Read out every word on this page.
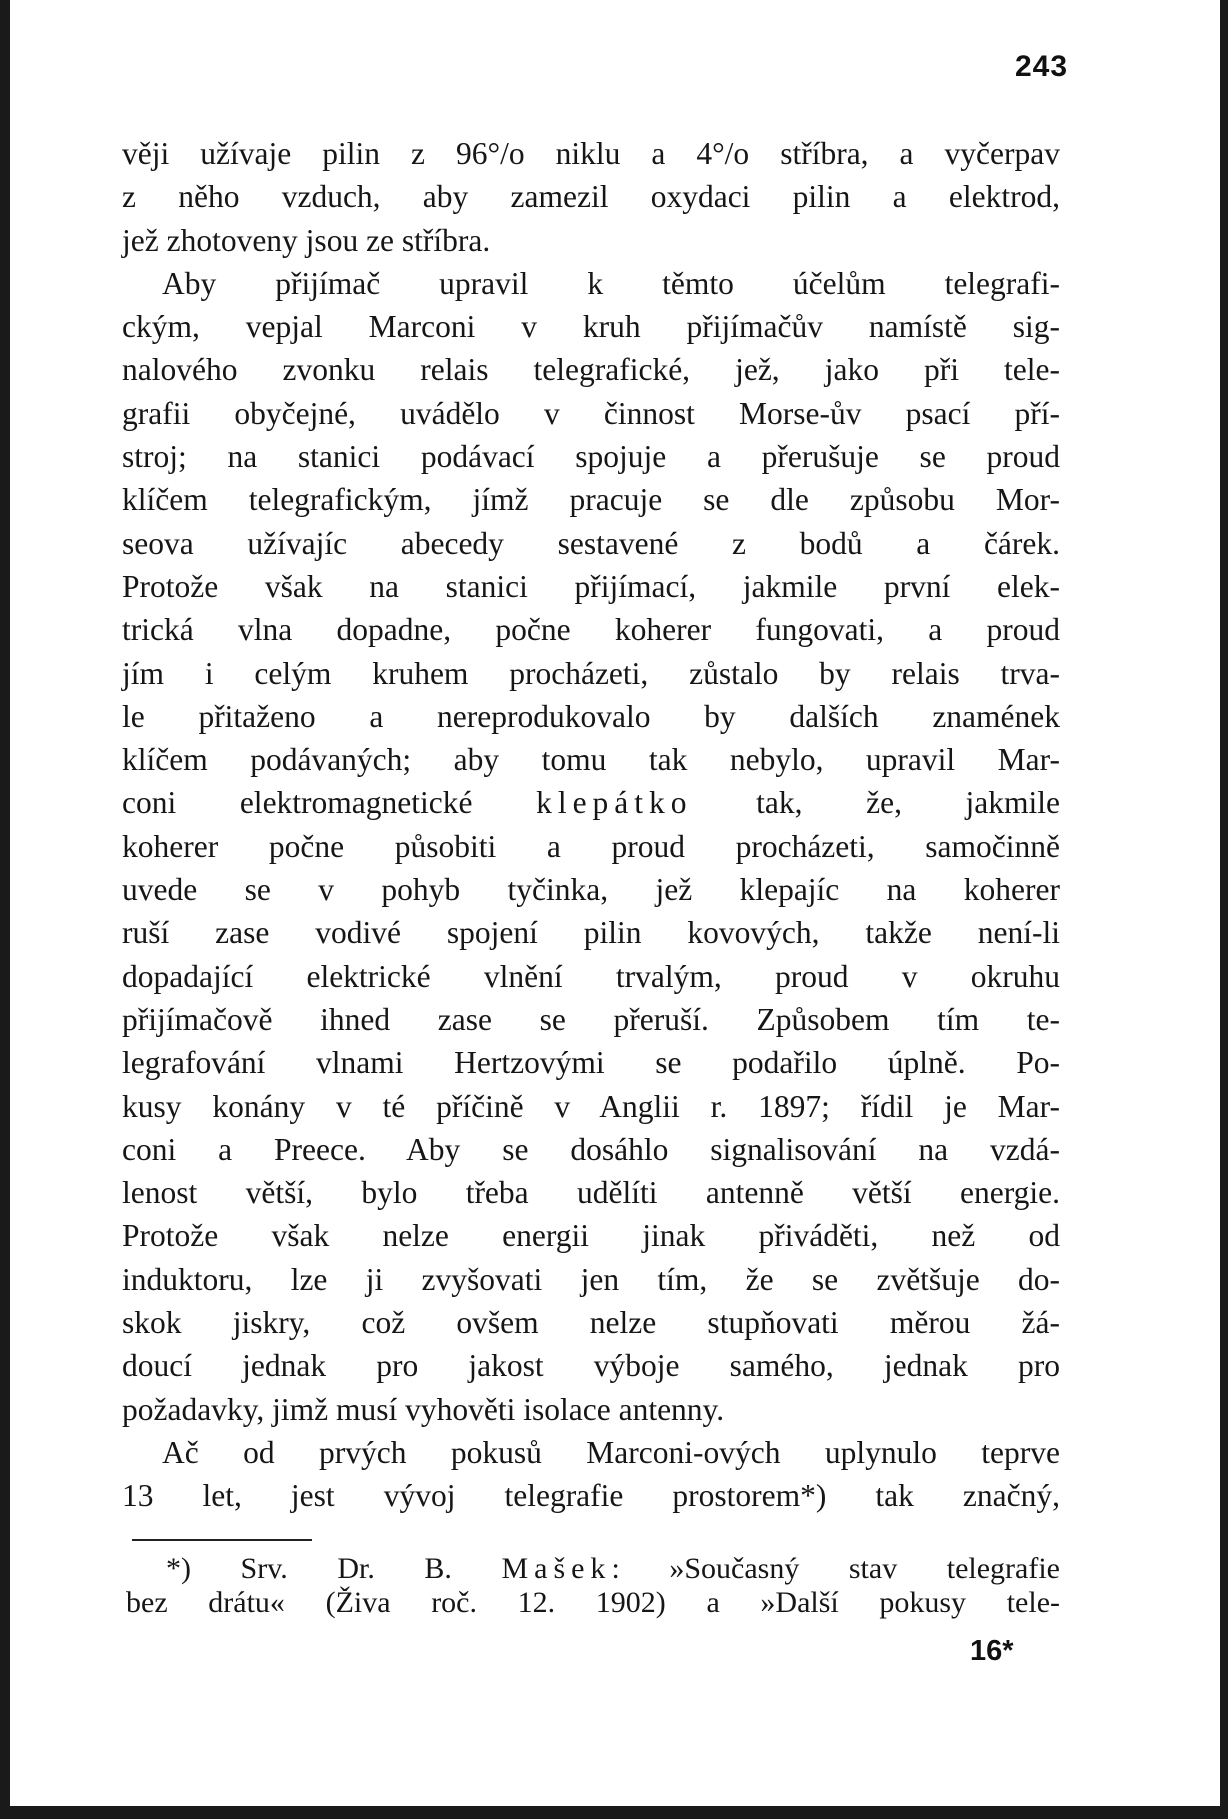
243
věji užívaje pilin z 96°/o niklu a 4°/o stříbra, a vyčerpav
z něho vzduch, aby zamezil oxydaci pilin a elektrod,
jež zhotoveny jsou ze stříbra.
Aby přijímač upravil k těmto účelům telegrafi-
ckým, vepjal Marconi v kruh přijímačův namístě sig-
nalového zvonku relais telegrafické, jež, jako při tele-
grafii obyčejné, uvádělo v činnost Morse-ův psací pří-
stroj; na stanici podávací spojuje a přerušuje se proud
klíčem telegrafickým, jímž pracuje se dle způsobu Mor-
seova užívajíc abecedy sestavené z bodů a čárek.
Protože však na stanici přijímací, jakmile první elek-
trická vlna dopadne, počne koherer fungovati, a proud
jím i celým kruhem procházeti, zůstalo by relais trva-
le přitaženo a nereprodukovalo by dalších znamének
klíčem podávaných; aby tomu tak nebylo, upravil Mar-
coni elektromagnetické klepátko tak, že, jakmile
koherer počne působiti a proud procházeti, samočinně
uvede se v pohyb tyčinka, jež klepajíc na koherer
ruší zase vodivé spojení pilin kovových, takže není-li
dopadající elektrické vlnění trvalým, proud v okruhu
přijímačově ihned zase se přeruší. Způsobem tím te-
legrafování vlnami Hertzovými se podařilo úplně. Po-
kusy konány v té příčině v Anglii r. 1897; řídil je Mar-
coni a Preece. Aby se dosáhlo signalisování na vzdá-
lenost větší, bylo třeba udělíti antenně větší energie.
Protože však nelze energii jinak přiváděti, než od
induktoru, lze ji zvyšovati jen tím, že se zvětšuje do-
skok jiskry, což ovšem nelze stupňovati měrou žá-
doucí jednak pro jakost výboje samého, jednak pro
požadavky, jimž musí vyhověti isolace antenny.
Ač od prvých pokusů Marconi-ových uplynulo teprve
13 let, jest vývoj telegrafie prostorem*) tak značný,
*) Srv. Dr. B. Mašek: »Současný stav telegrafie
bez drátu« (Živa roč. 12. 1902) a »Další pokusy tele-
16*
